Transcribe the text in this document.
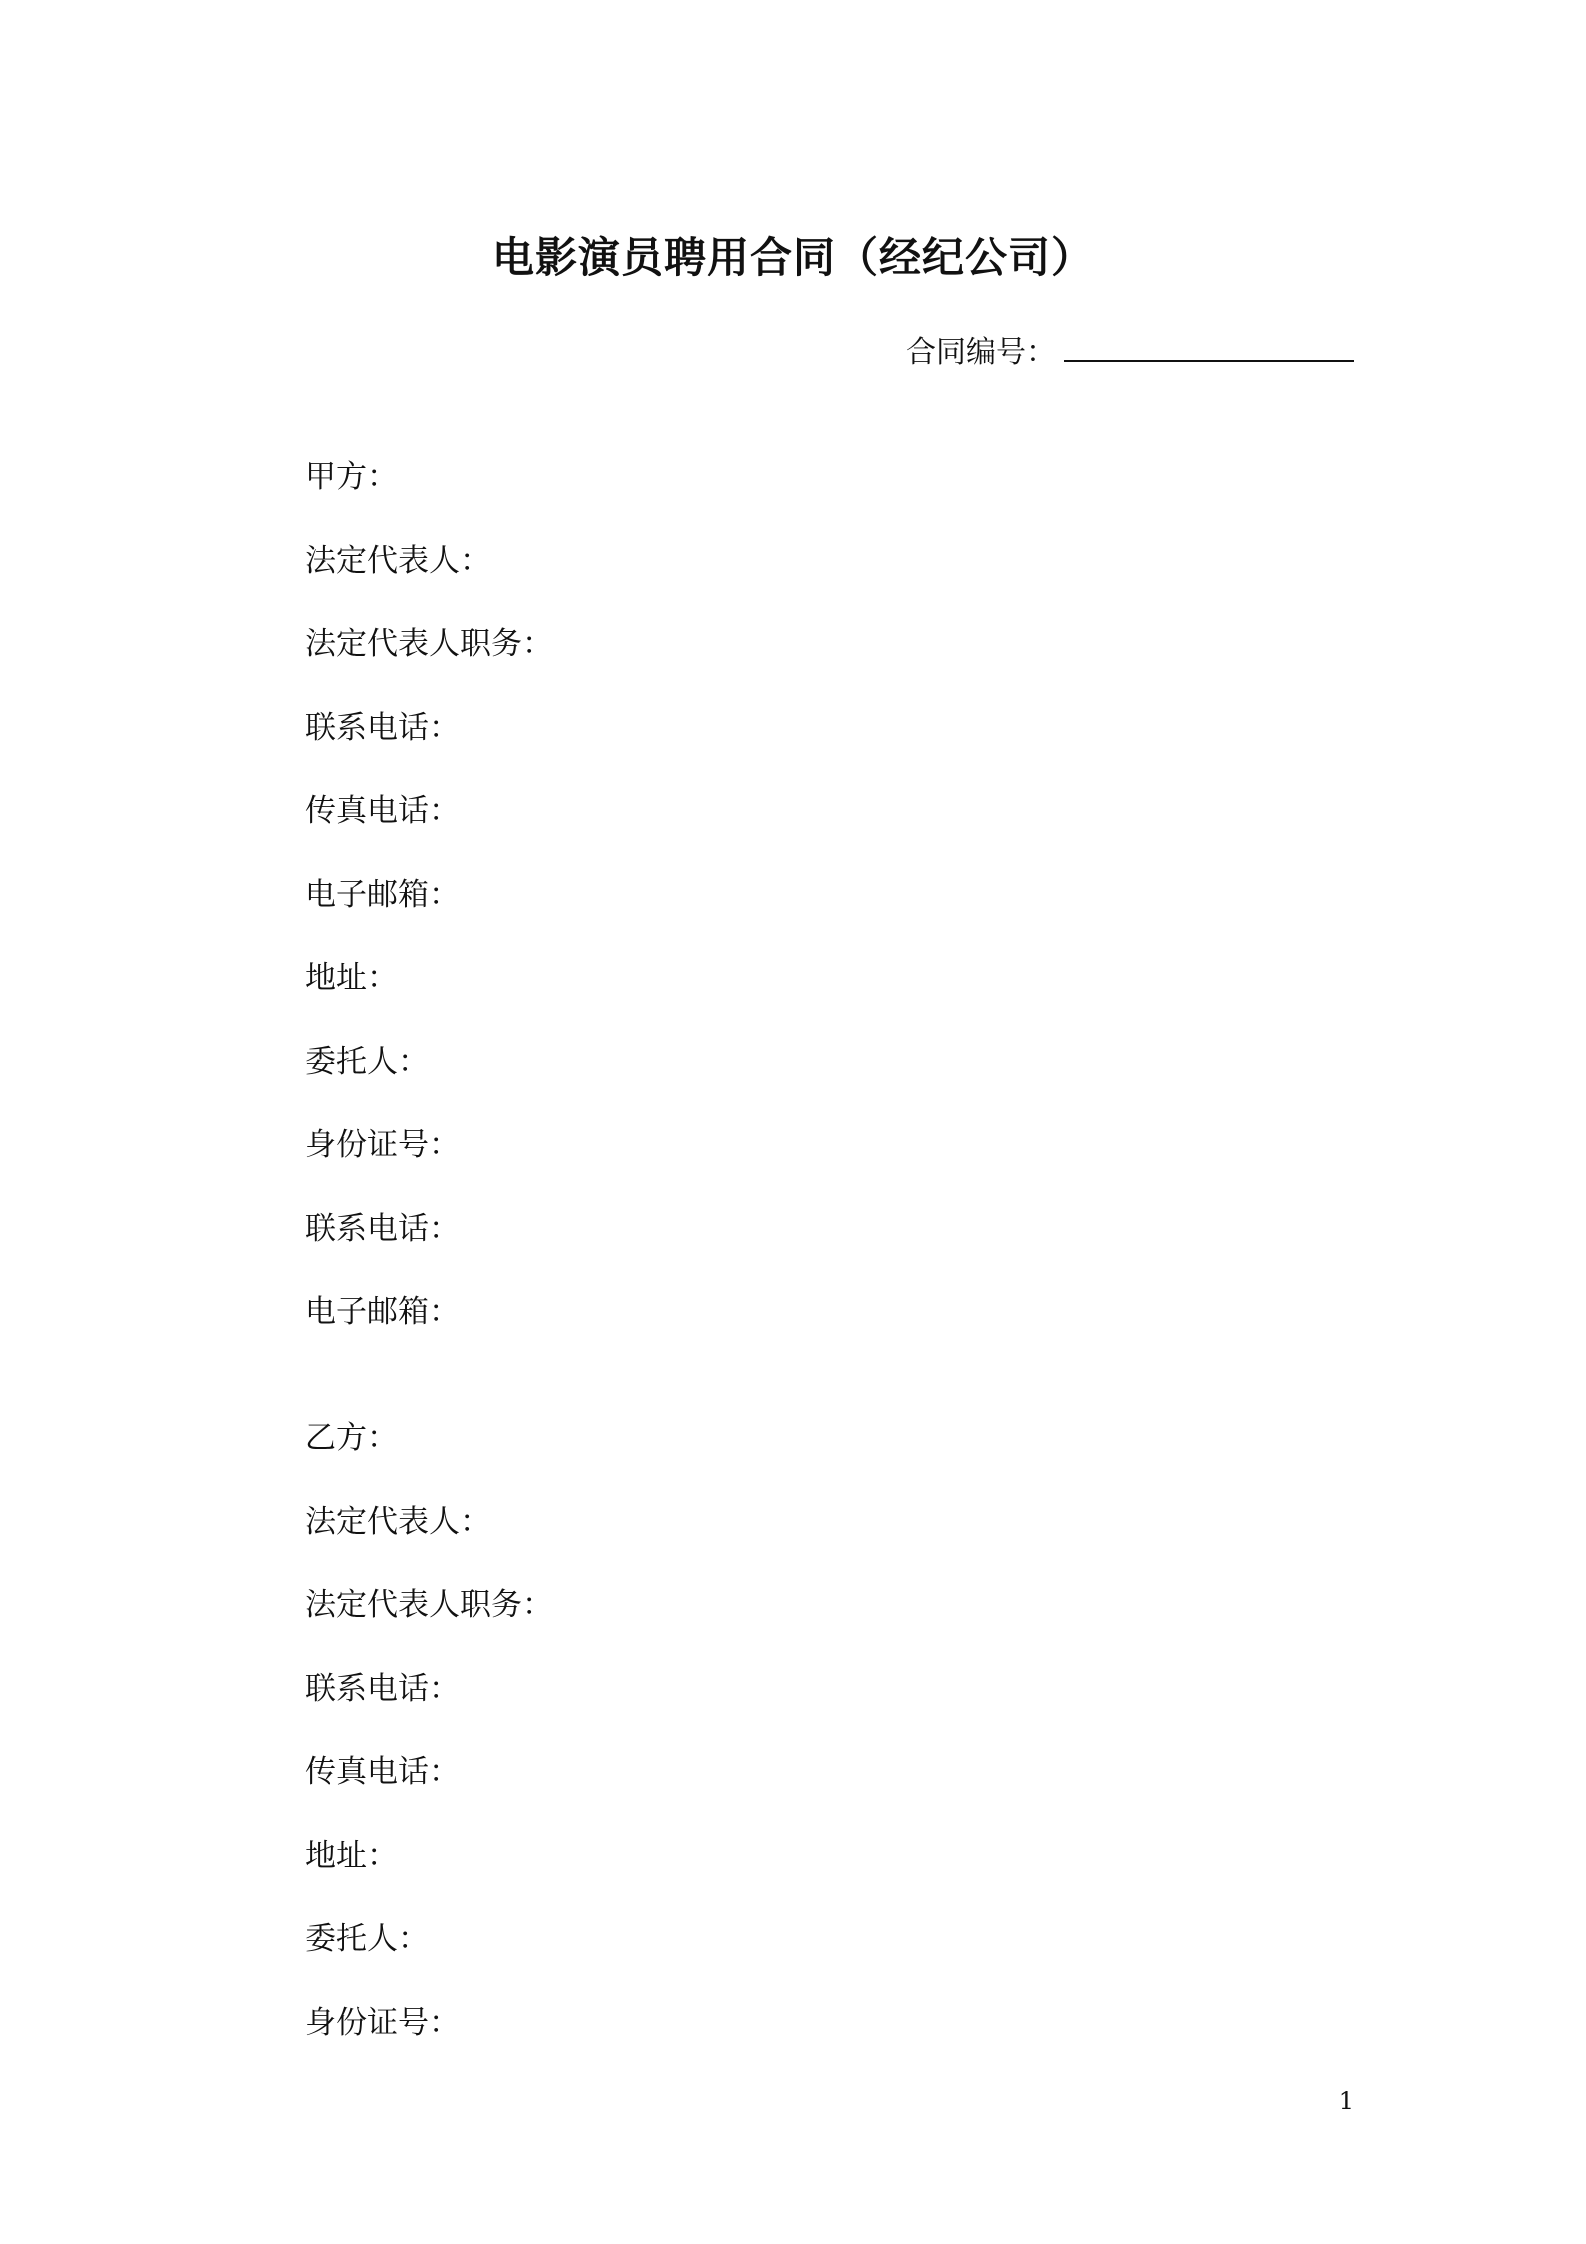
电影演员聘用合同（经纪公司）
合同编号：
甲方：
法定代表人：
法定代表人职务：
联系电话：
传真电话：
电子邮箱：
地址：
委托人：
身份证号：
联系电话：
电子邮箱：
乙方：
法定代表人：
法定代表人职务：
联系电话：
传真电话：
地址：
委托人：
身份证号：
1
